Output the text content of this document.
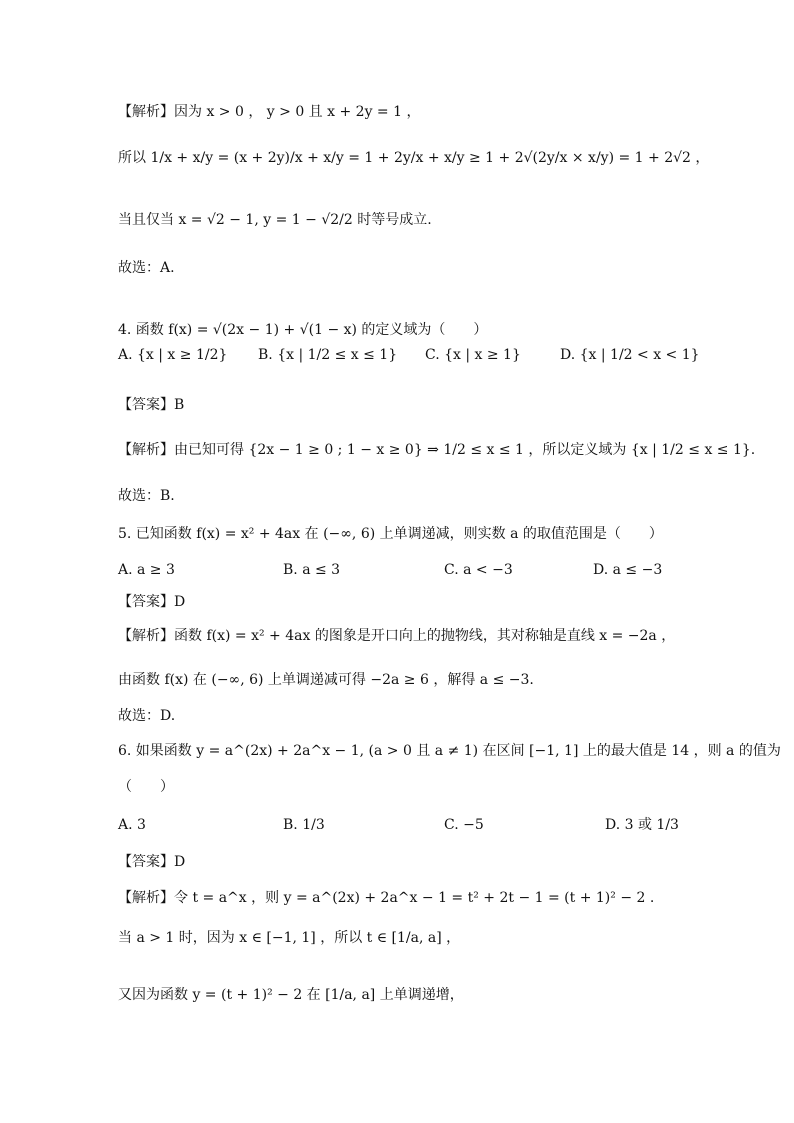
【解析】因为 x > 0 ， y > 0 且 x + 2y = 1 ，
所以 1/x + x/y = (x + 2y)/x + x/y = 1 + 2y/x + x/y ≥ 1 + 2√(2y/x × x/y) = 1 + 2√2 ，
当且仅当 x = √2 − 1, y = 1 − √2/2 时等号成立.
故选：A.
4. 函数 f(x) = √(2x − 1) + √(1 − x) 的定义域为（　　）
A. {x | x ≥ 1/2} B. {x | 1/2 ≤ x ≤ 1} C. {x | x ≥ 1}	D. {x | 1/2 < x < 1}
【答案】B
【解析】由已知可得 {2x − 1 ≥ 0 ; 1 − x ≥ 0} ⇒ 1/2 ≤ x ≤ 1 ，所以定义域为 {x | 1/2 ≤ x ≤ 1}.
故选：B.
5. 已知函数 f(x) = x² + 4ax 在 (−∞, 6) 上单调递减，则实数 a 的取值范围是（　　）
A. a ≥ 3	B. a ≤ 3	C. a < −3	D. a ≤ −3
【答案】D
【解析】函数 f(x) = x² + 4ax 的图象是开口向上的抛物线，其对称轴是直线 x = −2a ，
由函数 f(x) 在 (−∞, 6) 上单调递减可得 −2a ≥ 6 ，解得 a ≤ −3.
故选：D.
6. 如果函数 y = a^(2x) + 2a^x − 1, (a > 0 且 a ≠ 1) 在区间 [−1, 1] 上的最大值是 14 ，则 a 的值为
（　　）
A. 3	B. 1/3	C. −5	D. 3 或 1/3
【答案】D
【解析】令 t = a^x ，则 y = a^(2x) + 2a^x − 1 = t² + 2t − 1 = (t + 1)² − 2 .
当 a > 1 时，因为 x ∈ [−1, 1] ，所以 t ∈ [1/a, a] ，
又因为函数 y = (t + 1)² − 2 在 [1/a, a] 上单调递增，
